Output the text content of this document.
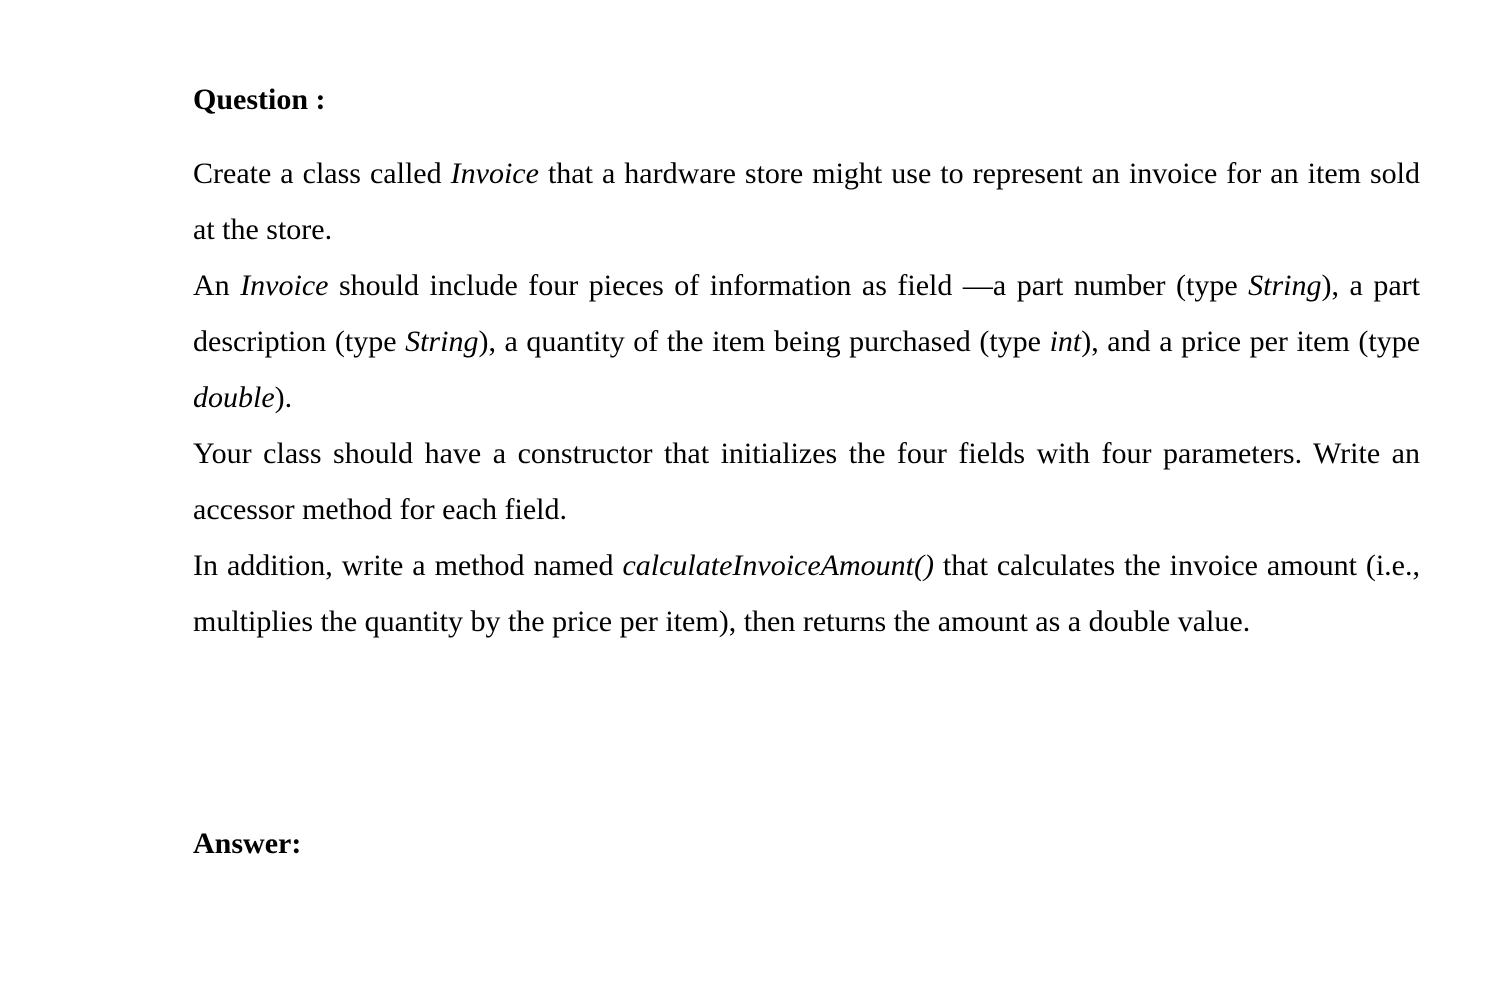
Question :

Create a class called Invoice that a hardware store might use to represent an invoice for an item sold at the store.

An Invoice should include four pieces of information as field —a part number (type String), a part description (type String), a quantity of the item being purchased (type int), and a price per item (type double).

Your class should have a constructor that initializes the four fields with four parameters. Write an accessor method for each field.

In addition, write a method named calculateInvoiceAmount() that calculates the invoice amount (i.e., multiplies the quantity by the price per item), then returns the amount as a double value.

Answer:
